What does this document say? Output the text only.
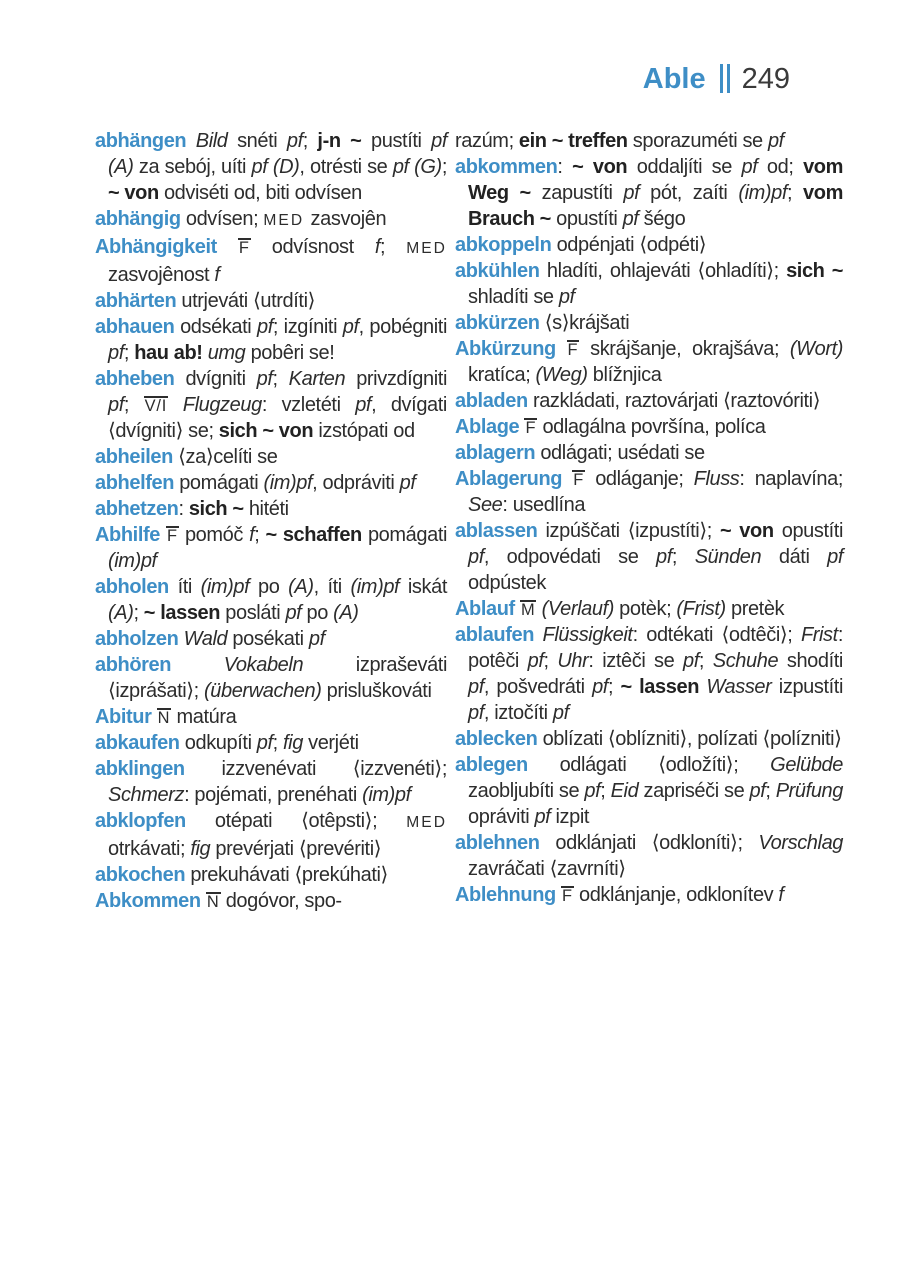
Able 249

abhängen Bild snéti pf; j-n ~ pustíti pf (A) za sebój, uíti pf (D), otrésti se pf (G); ~ von odviséti od, biti odvísen

abhängig odvísen; MED zasvojên

Abhängigkeit F odvísnost f; MED zasvojênost f

abhärten utrjeváti ⟨utrdíti⟩

abhauen odsékati pf; izgíniti pf, pobégniti pf; hau ab! umg pobêri se!

abheben dvígniti pf; Karten privzdígniti pf; V/I Flugzeug: vzletéti pf, dvígati ⟨dvígniti⟩ se; sich ~ von izstópati od

abheilen ⟨za⟩celíti se

abhelfen pomágati (im)pf, odpráviti pf

abhetzen: sich ~ hitéti

Abhilfe F pomóč f; ~ schaffen pomágati (im)pf

abholen íti (im)pf po (A), íti (im)pf iskát (A); ~ lassen posláti pf po (A)

abholzen Wald posékati pf

abhören Vokabeln izpraševáti ⟨izprášati⟩; (überwachen) prisluškováti

Abitur N matúra

abkaufen odkupíti pf; fig verjéti

abklingen izzvenévati ⟨izzvenéti⟩; Schmerz: pojémati, prenéhati (im)pf

abklopfen otépati ⟨otêpsti⟩; MED otrkávati; fig prevérjati ⟨prevériti⟩

abkochen prekuhávati ⟨prekúhati⟩

Abkommen N dogóvor, spo-

razúm; ein ~ treffen sporazuméti se pf

abkommen: ~ von oddaljíti se pf od; vom Weg ~ zapustíti pf pót, zaíti (im)pf; vom Brauch ~ opustíti pf šégo

abkoppeln odpénjati ⟨odpéti⟩

abkühlen hladíti, ohlajeváti ⟨ohladíti⟩; sich ~ shladíti se pf

abkürzen ⟨s⟩krájšati

Abkürzung F skrájšanje, okrajšáva; (Wort) kratíca; (Weg) blížnjica

abladen razkládati, raztovárjati ⟨raztovóriti⟩

Ablage F odlagálna površína, políca

ablagern odlágati; usédati se

Ablagerung F odláganje; Fluss: naplavína; See: usedlína

ablassen izpúščati ⟨izpustíti⟩; ~ von opustíti pf, odpovédati se pf; Sünden dáti pf odpústek

Ablauf M (Verlauf) potèk; (Frist) pretèk

ablaufen Flüssigkeit: odtékati ⟨odtêči⟩; Frist: potêči pf; Uhr: iztêči se pf; Schuhe shodíti pf, pošvedráti pf; ~ lassen Wasser izpustíti pf, iztočíti pf

ablecken oblízati ⟨oblízniti⟩, polízati ⟨polízniti⟩

ablegen odlágati ⟨odložíti⟩; Gelübde zaobljubíti se pf; Eid zapriséči se pf; Prüfung opráviti pf izpit

ablehnen odklánjati ⟨odkloníti⟩; Vorschlag zavráčati ⟨zavrníti⟩

Ablehnung F odklánjanje, odklonítev f
